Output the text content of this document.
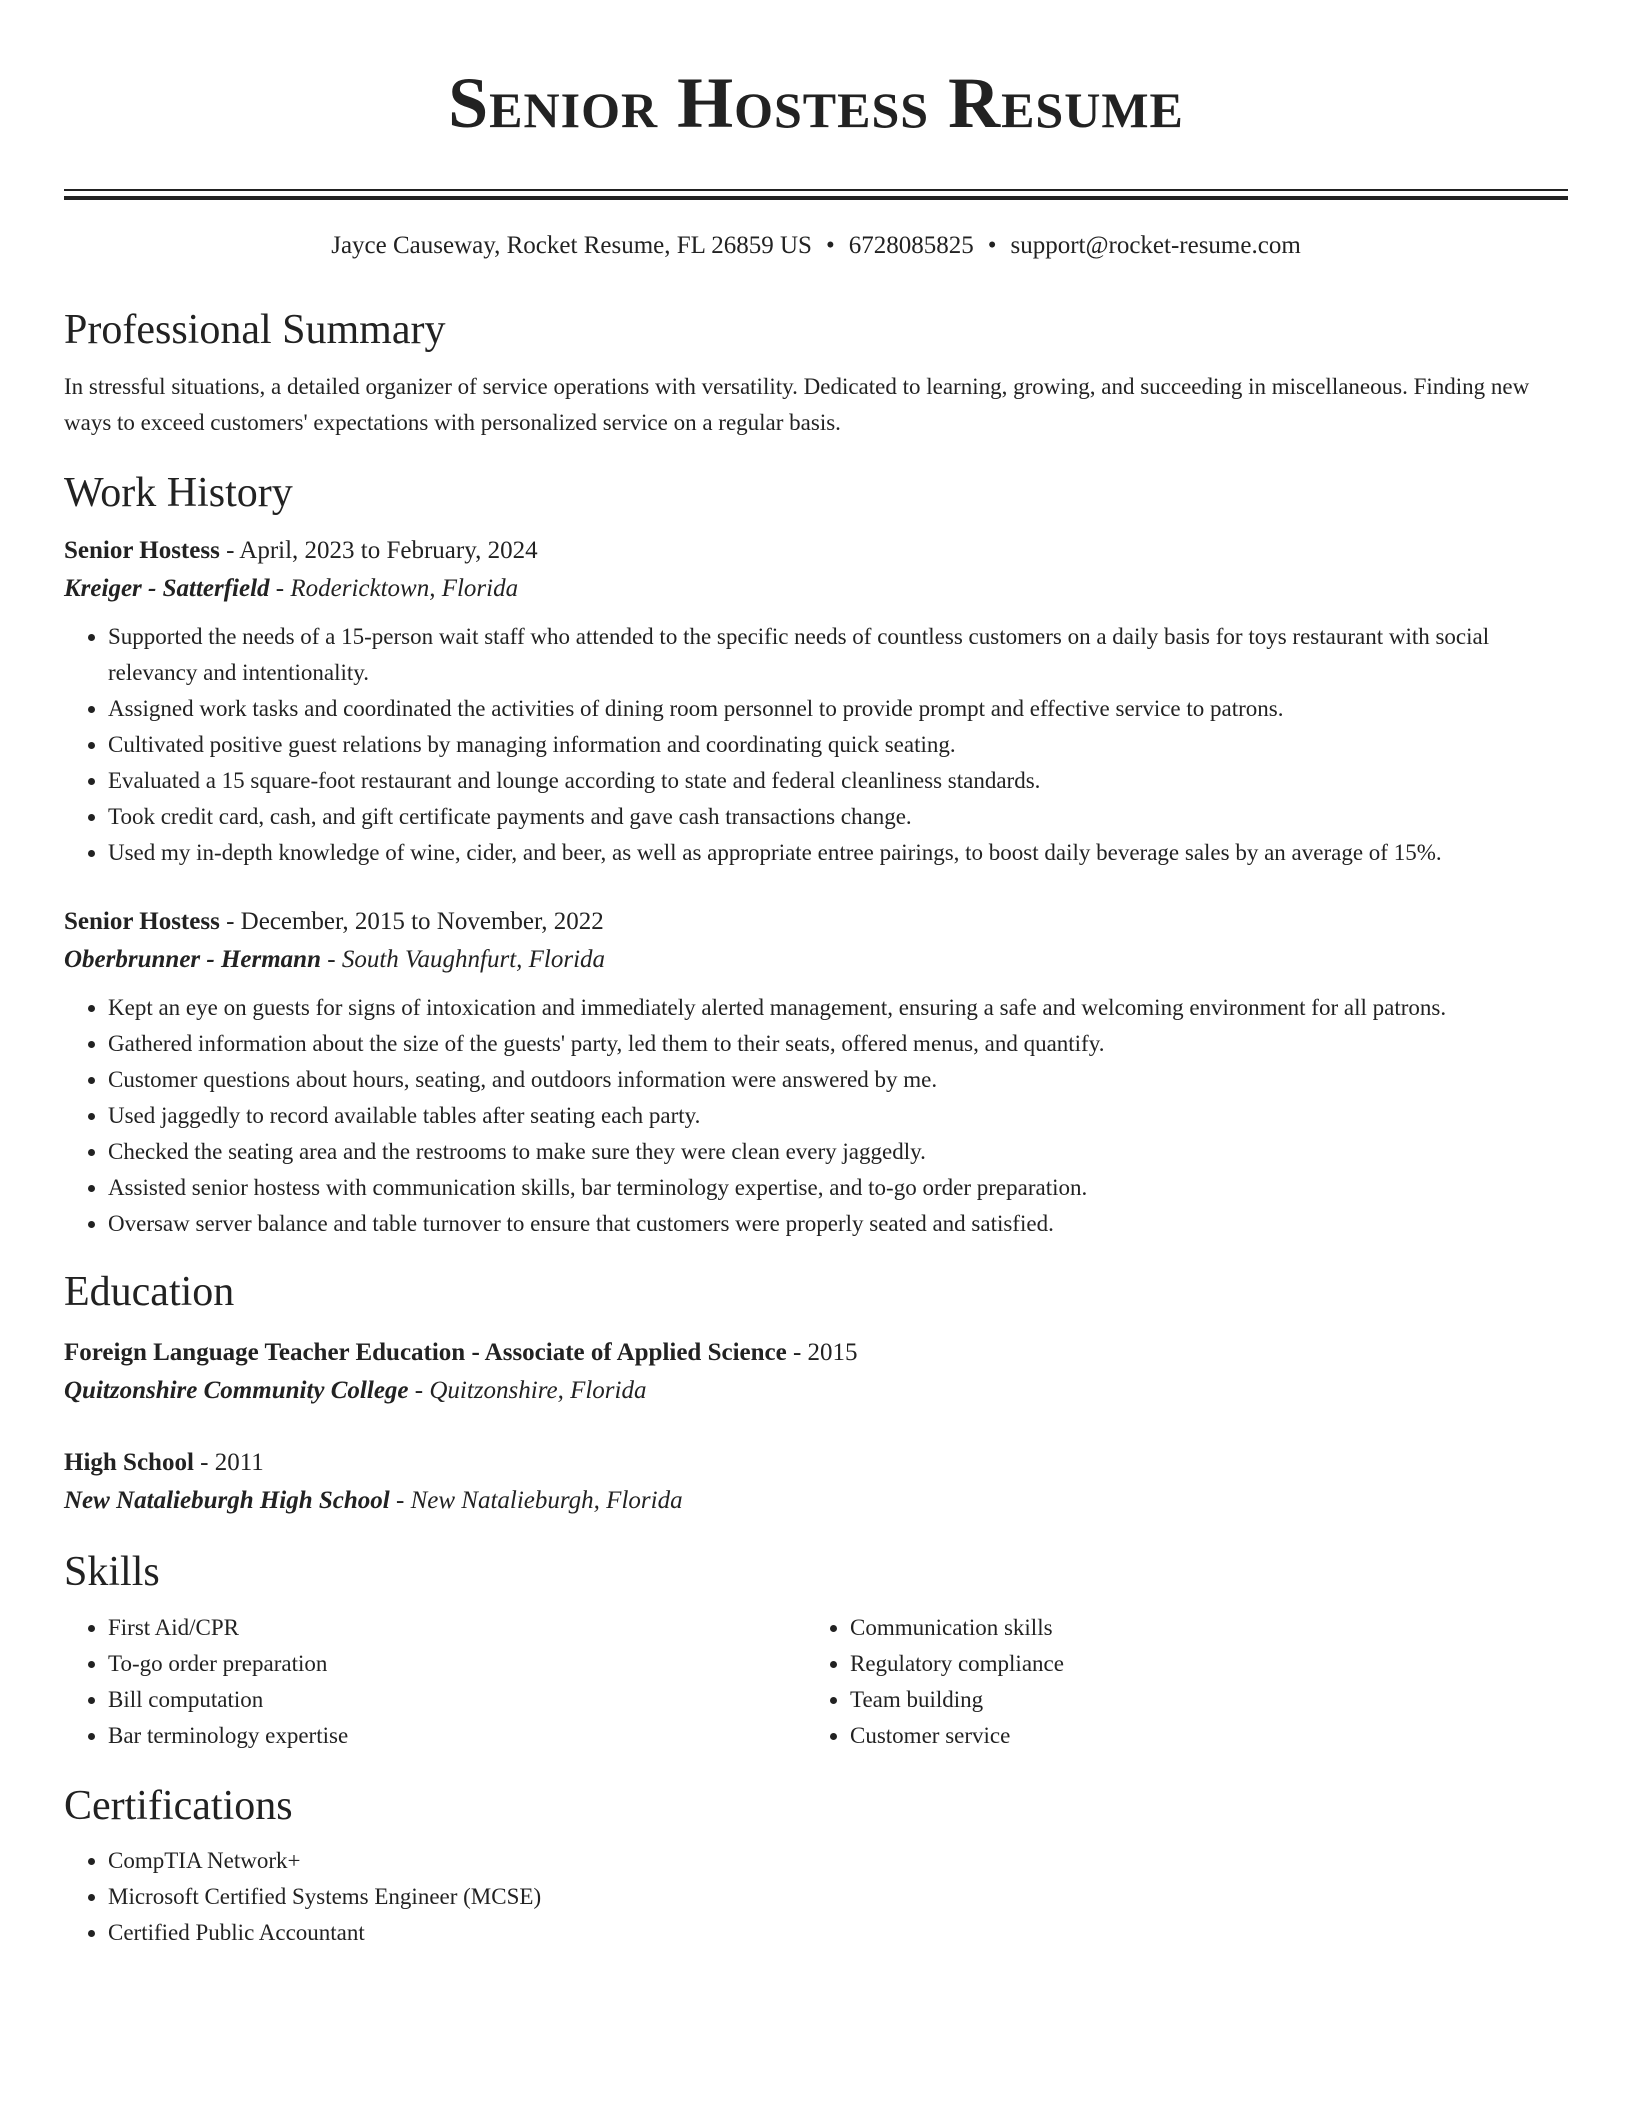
Senior Hostess Resume
Jayce Causeway, Rocket Resume, FL 26859 US • 6728085825 • support@rocket-resume.com
Professional Summary

In stressful situations, a detailed organizer of service operations with versatility. Dedicated to learning, growing, and succeeding in miscellaneous. Finding new ways to exceed customers' expectations with personalized service on a regular basis.

Work History
Senior Hostess - April, 2023 to February, 2024
Kreiger - Satterfield - Rodericktown, Florida
• Supported the needs of a 15-person wait staff who attended to the specific needs of countless customers on a daily basis for toys restaurant with social relevancy and intentionality.
• Assigned work tasks and coordinated the activities of dining room personnel to provide prompt and effective service to patrons.
• Cultivated positive guest relations by managing information and coordinating quick seating.
• Evaluated a 15 square-foot restaurant and lounge according to state and federal cleanliness standards.
• Took credit card, cash, and gift certificate payments and gave cash transactions change.
• Used my in-depth knowledge of wine, cider, and beer, as well as appropriate entree pairings, to boost daily beverage sales by an average of 15%.
Senior Hostess - December, 2015 to November, 2022
Oberbrunner - Hermann - South Vaughnfurt, Florida
• Kept an eye on guests for signs of intoxication and immediately alerted management, ensuring a safe and welcoming environment for all patrons.
• Gathered information about the size of the guests' party, led them to their seats, offered menus, and quantify.
• Customer questions about hours, seating, and outdoors information were answered by me.
• Used jaggedly to record available tables after seating each party.
• Checked the seating area and the restrooms to make sure they were clean every jaggedly.
• Assisted senior hostess with communication skills, bar terminology expertise, and to-go order preparation.
• Oversaw server balance and table turnover to ensure that customers were properly seated and satisfied.
Education
Foreign Language Teacher Education - Associate of Applied Science - 2015
Quitzonshire Community College - Quitzonshire, Florida
High School - 2011
New Natalieburgh High School - New Natalieburgh, Florida
Skills
• First Aid/CPR
• To-go order preparation
• Bill computation
• Bar terminology expertise
• Communication skills
• Regulatory compliance
• Team building
• Customer service
Certifications
• CompTIA Network+
• Microsoft Certified Systems Engineer (MCSE)
• Certified Public Accountant
